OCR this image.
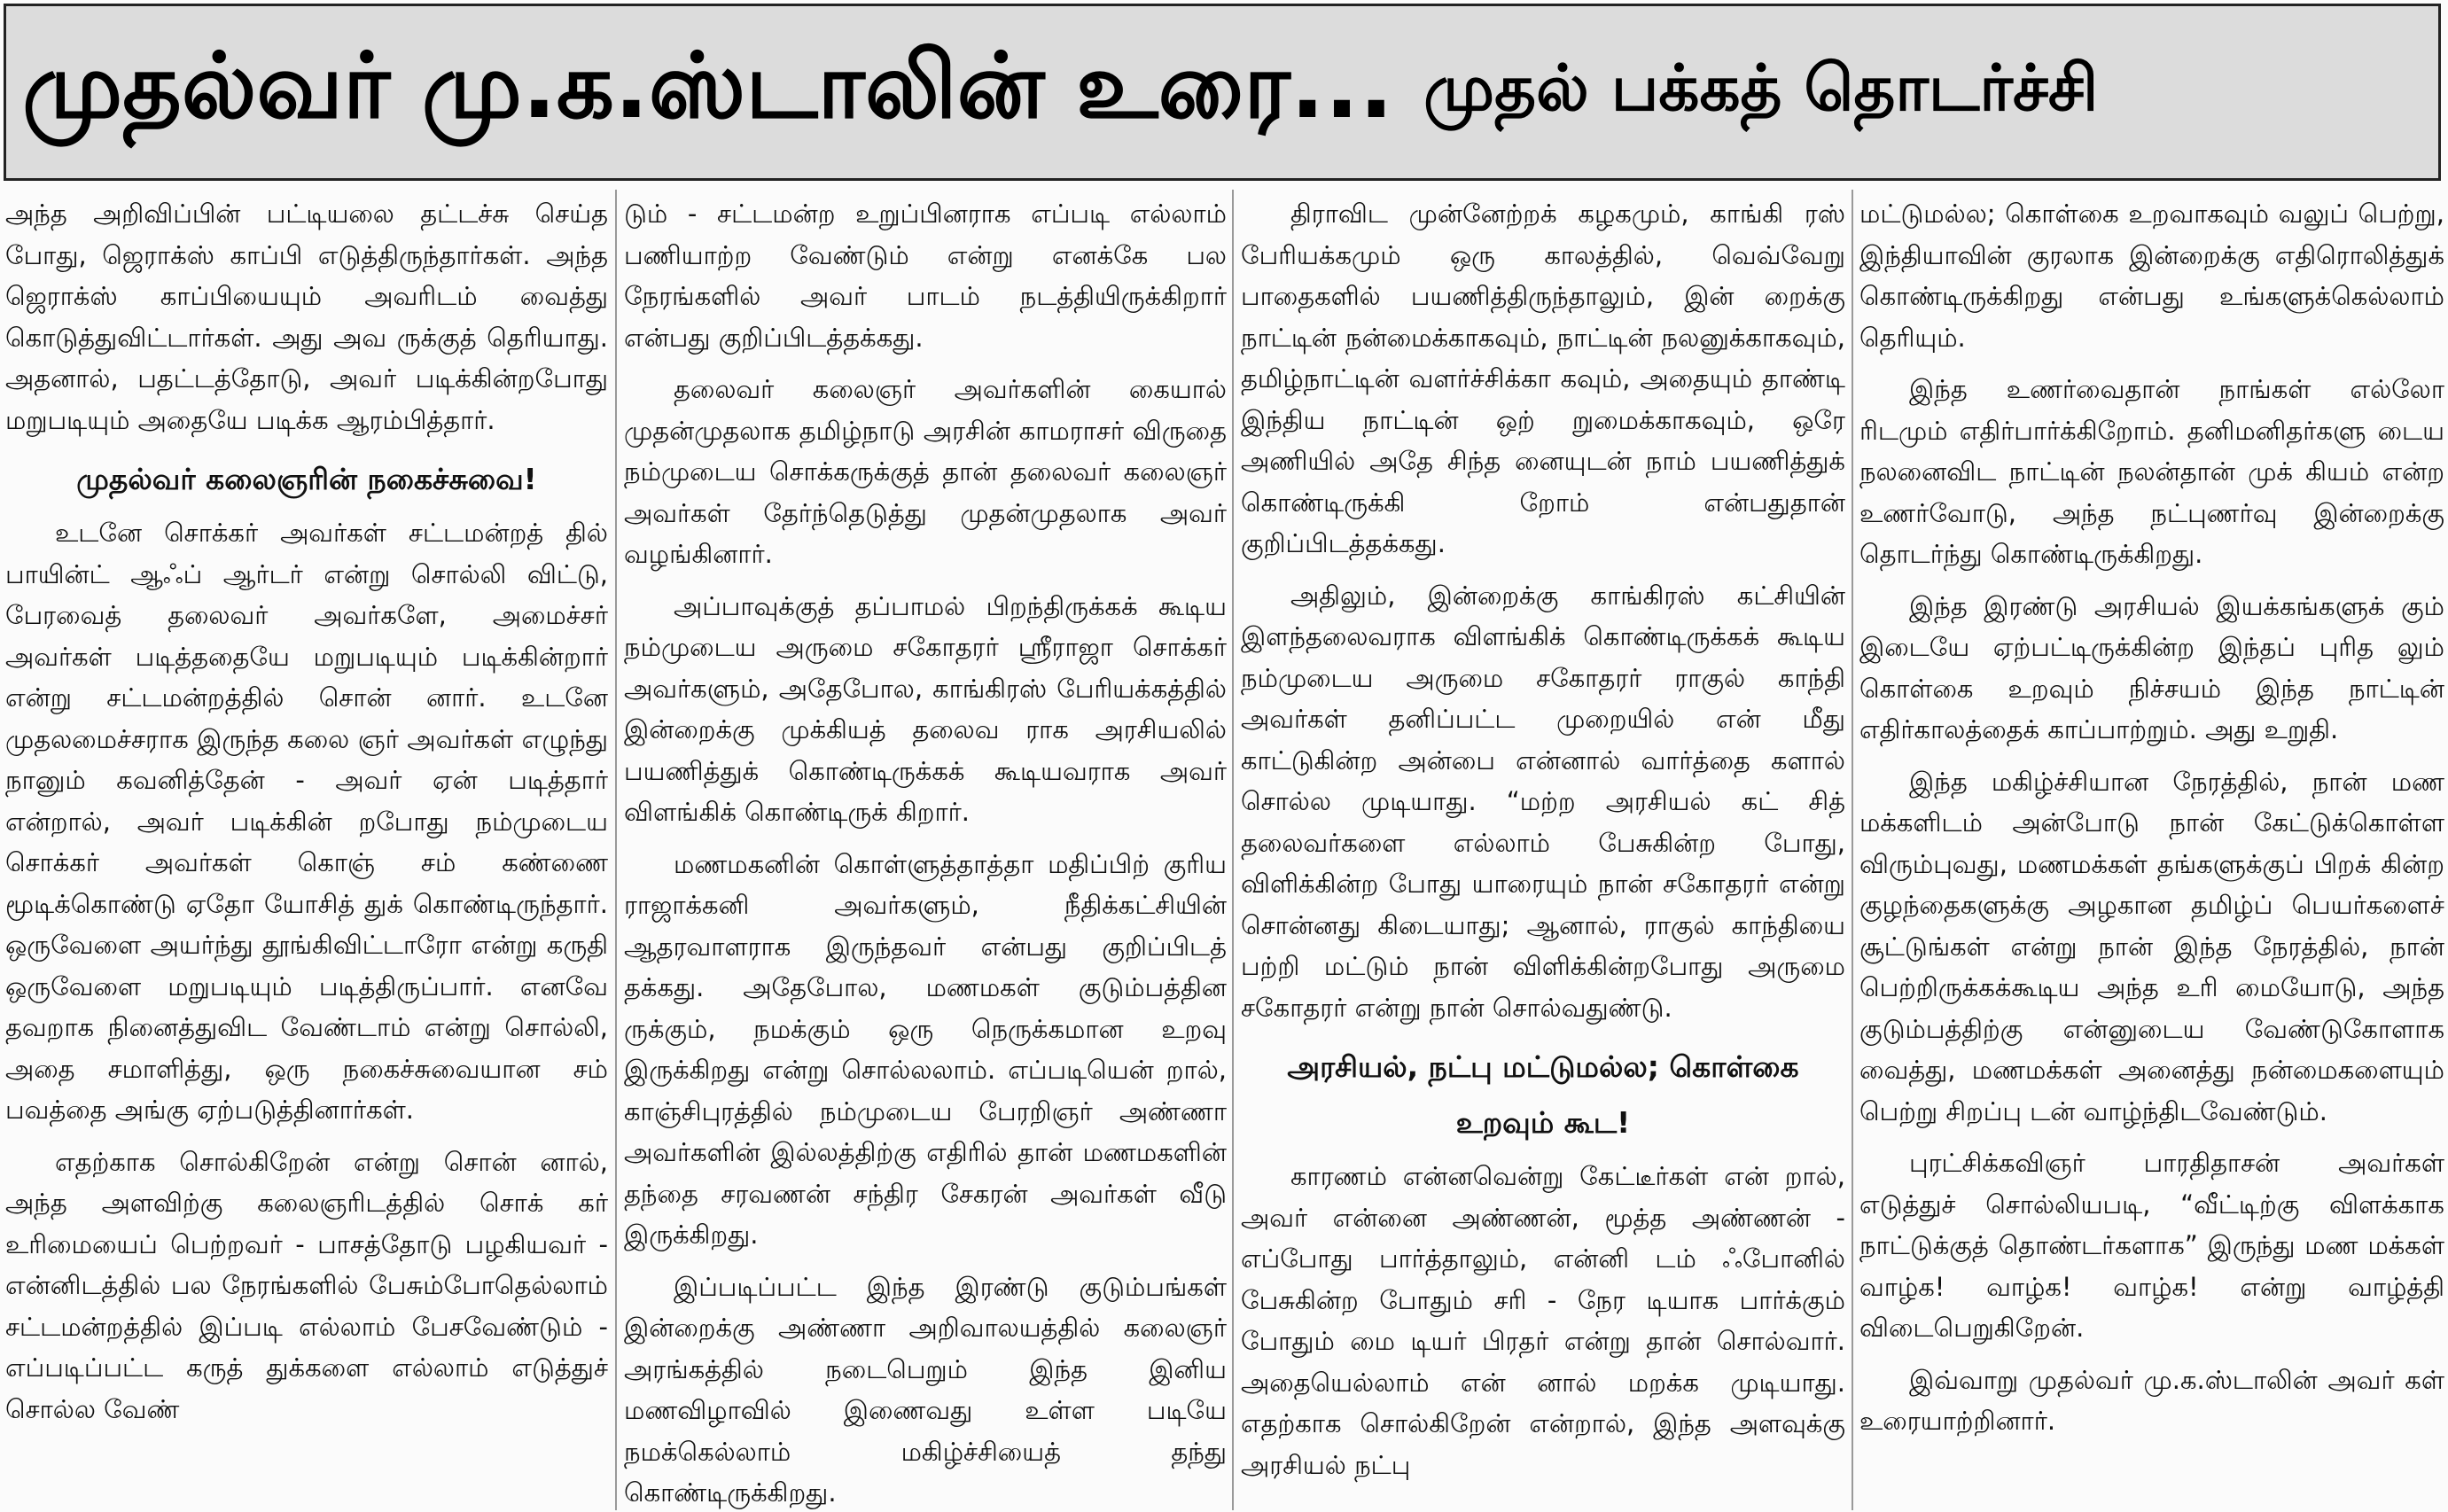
முதல்வர் மு.க.ஸ்டாலின் உரை... முதல் பக்கத் தொடர்ச்சி

அந்த அறிவிப்பின் பட்டியலை தட்டச்சு செய்த போது, ஜெராக்ஸ் காப்பி எடுத்திருந்தார்கள். அந்த ஜெராக்ஸ் காப்பியையும் அவரிடம் வைத்து கொடுத்துவிட்டார்கள். அது அவ ருக்குத் தெரியாது. அதனால், பதட்டத்தோடு, அவர் படிக்கின்றபோது மறுபடியும் அதையே படிக்க ஆரம்பித்தார்.

முதல்வர் கலைஞரின் நகைச்சுவை!

உடனே சொக்கர் அவர்கள் சட்டமன்றத் தில் பாயின்ட் ஆஃப் ஆர்டர் என்று சொல்லி விட்டு, பேரவைத் தலைவர் அவர்களே, அமைச்சர் அவர்கள் படித்ததையே மறுபடியும் படிக்கின்றார் என்று சட்டமன்றத்தில் சொன் னார். உடனே முதலமைச்சராக இருந்த கலை ஞர் அவர்கள் எழுந்து நானும் கவனித்தேன் - அவர் ஏன் படித்தார் என்றால், அவர் படிக்கின் றபோது நம்முடைய சொக்கர் அவர்கள் கொஞ் சம் கண்ணை மூடிக்கொண்டு ஏதோ யோசித் துக் கொண்டிருந்தார். ஒருவேளை அயர்ந்து தூங்கிவிட்டாரோ என்று கருதி ஒருவேளை மறுபடியும் படித்திருப்பார். எனவே தவறாக நினைத்துவிட வேண்டாம் என்று சொல்லி, அதை சமாளித்து, ஒரு நகைச்சுவையான சம் பவத்தை அங்கு ஏற்படுத்தினார்கள்.

எதற்காக சொல்கிறேன் என்று சொன் னால், அந்த அளவிற்கு கலைஞரிடத்தில் சொக் கர் உரிமையைப் பெற்றவர் - பாசத்தோடு பழகியவர் - என்னிடத்தில் பல நேரங்களில் பேசும்போதெல்லாம் சட்டமன்றத்தில் இப்படி எல்லாம் பேசவேண்டும் - எப்படிப்பட்ட கருத் துக்களை எல்லாம் எடுத்துச் சொல்ல வேண்

டும் - சட்டமன்ற உறுப்பினராக எப்படி எல்லாம் பணியாற்ற வேண்டும் என்று எனக்கே பல நேரங்களில் அவர் பாடம் நடத்தியிருக்கிறார் என்பது குறிப்பிடத்தக்கது.

தலைவர் கலைஞர் அவர்களின் கையால் முதன்முதலாக தமிழ்நாடு அரசின் காமராசர் விருதை நம்முடைய சொக்கருக்குத் தான் தலைவர் கலைஞர் அவர்கள் தேர்ந்தெடுத்து முதன்முதலாக அவர் வழங்கினார்.

அப்பாவுக்குத் தப்பாமல் பிறந்திருக்கக் கூடிய நம்முடைய அருமை சகோதரர் ஸ்ரீராஜா சொக்கர் அவர்களும், அதேபோல, காங்கிரஸ் பேரியக்கத்தில் இன்றைக்கு முக்கியத் தலைவ ராக அரசியலில் பயணித்துக் கொண்டிருக்கக் கூடியவராக அவர் விளங்கிக் கொண்டிருக் கிறார்.

மணமகனின் கொள்ளுத்தாத்தா மதிப்பிற் குரிய ராஜாக்கனி அவர்களும், நீதிக்கட்சியின் ஆதரவாளராக இருந்தவர் என்பது குறிப்பிடத் தக்கது. அதேபோல, மணமகள் குடும்பத்தின ருக்கும், நமக்கும் ஒரு நெருக்கமான உறவு இருக்கிறது என்று சொல்லலாம். எப்படியென் றால், காஞ்சிபுரத்தில் நம்முடைய பேரறிஞர் அண்ணா அவர்களின் இல்லத்திற்கு எதிரில் தான் மணமகளின் தந்தை சரவணன் சந்திர சேகரன் அவர்கள் வீடு இருக்கிறது.

இப்படிப்பட்ட இந்த இரண்டு குடும்பங்கள் இன்றைக்கு அண்ணா அறிவாலயத்தில் கலைஞர் அரங்கத்தில் நடைபெறும் இந்த இனிய மணவிழாவில் இணைவது உள்ள படியே நமக்கெல்லாம் மகிழ்ச்சியைத் தந்து கொண்டிருக்கிறது.

திராவிட முன்னேற்றக் கழகமும், காங்கி ரஸ் பேரியக்கமும் ஒரு காலத்தில், வெவ்வேறு பாதைகளில் பயணித்திருந்தாலும், இன் றைக்கு நாட்டின் நன்மைக்காகவும், நாட்டின் நலனுக்காகவும், தமிழ்நாட்டின் வளர்ச்சிக்கா கவும், அதையும் தாண்டி இந்திய நாட்டின் ஒற் றுமைக்காகவும், ஒரே அணியில் அதே சிந்த னையுடன் நாம் பயணித்துக் கொண்டிருக்கி றோம் என்பதுதான் குறிப்பிடத்தக்கது.

அதிலும், இன்றைக்கு காங்கிரஸ் கட்சியின் இளந்தலைவராக விளங்கிக் கொண்டிருக்கக் கூடிய நம்முடைய அருமை சகோதரர் ராகுல் காந்தி அவர்கள் தனிப்பட்ட முறையில் என் மீது காட்டுகின்ற அன்பை என்னால் வார்த்தை களால் சொல்ல முடியாது. “மற்ற அரசியல் கட் சித் தலைவர்களை எல்லாம் பேசுகின்ற போது, விளிக்கின்ற போது யாரையும் நான் சகோதரர் என்று சொன்னது கிடையாது; ஆனால், ராகுல் காந்தியை பற்றி மட்டும் நான் விளிக்கின்றபோது அருமை சகோதரர் என்று நான் சொல்வதுண்டு.

அரசியல், நட்பு மட்டுமல்ல; கொள்கை உறவும் கூட!

காரணம் என்னவென்று கேட்டீர்கள் என் றால், அவர் என்னை அண்ணன், மூத்த அண்ணன் - எப்போது பார்த்தாலும், என்னி டம் ஃபோனில் பேசுகின்ற போதும் சரி - நேர டியாக பார்க்கும் போதும் மை டியர் பிரதர் என்று தான் சொல்வார். அதையெல்லாம் என் னால் மறக்க முடியாது. எதற்காக சொல்கிறேன் என்றால், இந்த அளவுக்கு அரசியல் நட்பு

மட்டுமல்ல; கொள்கை உறவாகவும் வலுப் பெற்று, இந்தியாவின் குரலாக இன்றைக்கு எதிரொலித்துக் கொண்டிருக்கிறது என்பது உங்களுக்கெல்லாம் தெரியும்.

இந்த உணர்வைதான் நாங்கள் எல்லோ ரிடமும் எதிர்பார்க்கிறோம். தனிமனிதர்களு டைய நலனைவிட நாட்டின் நலன்தான் முக் கியம் என்ற உணர்வோடு, அந்த நட்புணர்வு இன்றைக்கு தொடர்ந்து கொண்டிருக்கிறது.

இந்த இரண்டு அரசியல் இயக்கங்களுக் கும் இடையே ஏற்பட்டிருக்கின்ற இந்தப் புரித லும் கொள்கை உறவும் நிச்சயம் இந்த நாட்டின் எதிர்காலத்தைக் காப்பாற்றும். அது உறுதி.

இந்த மகிழ்ச்சியான நேரத்தில், நான் மண மக்களிடம் அன்போடு நான் கேட்டுக்கொள்ள விரும்புவது, மணமக்கள் தங்களுக்குப் பிறக் கின்ற குழந்தைகளுக்கு அழகான தமிழ்ப் பெயர்களைச் சூட்டுங்கள் என்று நான் இந்த நேரத்தில், நான் பெற்றிருக்கக்கூடிய அந்த உரி மையோடு, அந்த குடும்பத்திற்கு என்னுடைய வேண்டுகோளாக வைத்து, மணமக்கள் அனைத்து நன்மைகளையும் பெற்று சிறப்பு டன் வாழ்ந்திடவேண்டும்.

புரட்சிக்கவிஞர் பாரதிதாசன் அவர்கள் எடுத்துச் சொல்லியபடி, “வீட்டிற்கு விளக்காக நாட்டுக்குத் தொண்டர்களாக” இருந்து மண மக்கள் வாழ்க! வாழ்க! வாழ்க! என்று வாழ்த்தி விடைபெறுகிறேன்.

இவ்வாறு முதல்வர் மு.க.ஸ்டாலின் அவர் கள் உரையாற்றினார்.
